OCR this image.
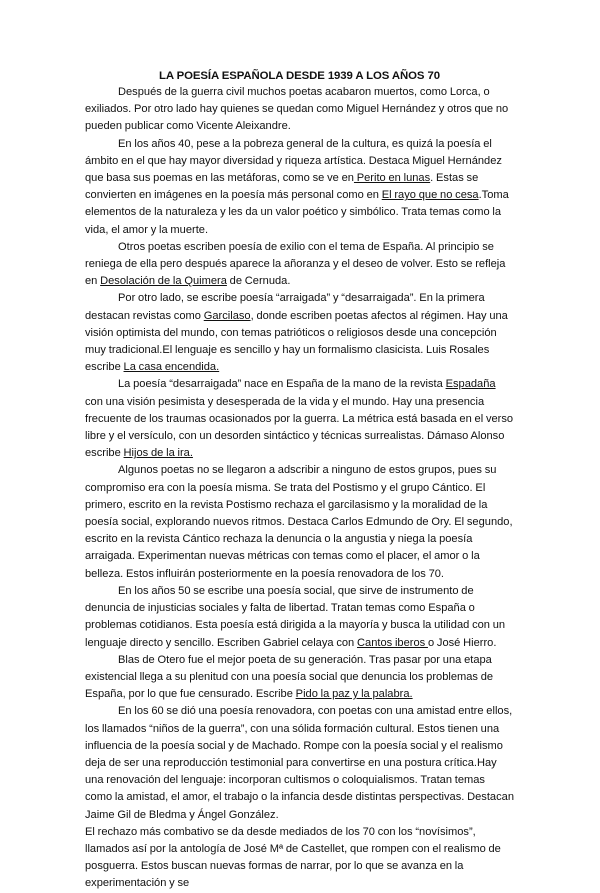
LA POESÍA ESPAÑOLA DESDE 1939 A LOS AÑOS 70

Después de la guerra civil muchos poetas acabaron muertos, como Lorca, o exiliados. Por otro lado hay quienes se quedan como Miguel Hernández y otros que no pueden publicar como Vicente Aleixandre.

En los años 40, pese a la pobreza general de la cultura, es quizá la poesía el ámbito en el que hay mayor diversidad y riqueza artística. Destaca Miguel Hernández que basa sus poemas en las metáforas, como se ve en Perito en lunas. Estas se convierten en imágenes en la poesía más personal como en El rayo que no cesa.Toma elementos de la naturaleza y les da un valor poético y simbólico. Trata temas como la vida, el amor y la muerte.

Otros poetas escriben poesía de exilio con el tema de España. Al principio se reniega de ella pero después aparece la añoranza y el deseo de volver. Esto se refleja en Desolación de la Quimera de Cernuda.

Por otro lado, se escribe poesía “arraigada” y “desarraigada”. En la primera destacan revistas como Garcilaso, donde escriben poetas afectos al régimen. Hay una visión optimista del mundo, con temas patrióticos o religiosos desde una concepción muy tradicional.El lenguaje es sencillo y hay un formalismo clasicista. Luis Rosales escribe La casa encendida.

La poesía “desarraigada” nace en España de la mano de la revista Espadaña con una visión pesimista y desesperada de la vida y el mundo. Hay una presencia frecuente de los traumas ocasionados por la guerra. La métrica está basada en el verso libre y el versículo, con un desorden sintáctico y técnicas surrealistas. Dámaso Alonso escribe Hijos de la ira.

Algunos poetas no se llegaron a adscribir a ninguno de estos grupos, pues su compromiso era con la poesía misma. Se trata del Postismo y el grupo Cántico. El primero, escrito en la revista Postismo rechaza el garcilasismo y la moralidad de la poesía social, explorando nuevos ritmos. Destaca Carlos Edmundo de Ory. El segundo, escrito en la revista Cántico rechaza la denuncia o la angustia y niega la poesía arraigada. Experimentan nuevas métricas con temas como el placer, el amor o la belleza. Estos influirán posteriormente en la poesía renovadora de los 70.

En los años 50 se escribe una poesía social, que sirve de instrumento de denuncia de injusticias sociales y falta de libertad. Tratan temas como España o problemas cotidianos. Esta poesía está dirigida a la mayoría y busca la utilidad con un lenguaje directo y sencillo. Escriben Gabriel celaya con Cantos iberos o José Hierro.

Blas de Otero fue el mejor poeta de su generación. Tras pasar por una etapa existencial llega a su plenitud con una poesía social que denuncia los problemas de España, por lo que fue censurado. Escribe Pido la paz y la palabra.

En los 60 se dió una poesía renovadora, con poetas con una amistad entre ellos, los llamados “niños de la guerra”, con una sólida formación cultural. Estos tienen una influencia de la poesía social y de Machado. Rompe con la poesía social y el realismo deja de ser una reproducción testimonial para convertirse en una postura crítica.Hay una renovación del lenguaje: incorporan cultismos o coloquialismos. Tratan temas como la amistad, el amor, el trabajo o la infancia desde distintas perspectivas. Destacan Jaime Gil de Bledma y Ángel González.

El rechazo más combativo se da desde mediados de los 70 con los “novísimos”, llamados así por la antología de José Mª de Castellet, que rompen con el realismo de posguerra. Estos buscan nuevas formas de narrar, por lo que se avanza en la experimentación y se
